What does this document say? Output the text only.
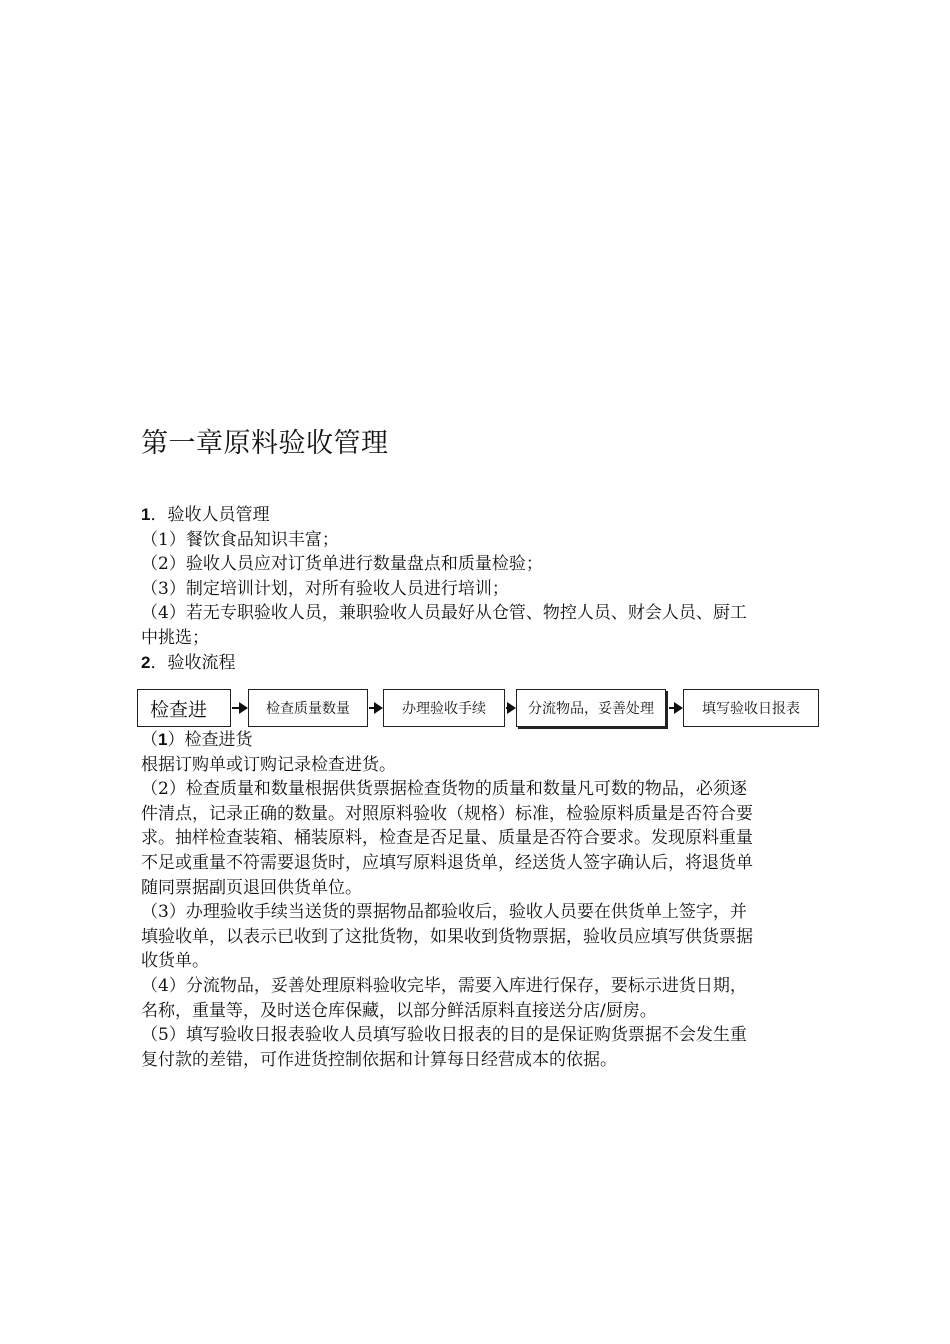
第一章原料验收管理
1．验收人员管理
（1）餐饮食品知识丰富；
（2）验收人员应对订货单进行数量盘点和质量检验；
（3）制定培训计划，对所有验收人员进行培训；
（4）若无专职验收人员，兼职验收人员最好从仓管、物控人员、财会人员、厨工
中挑选；
2．验收流程
检查进	检查质量数量	办理验收手续	分流物品，妥善处理	填写验收日报表
（1）检查进货
根据订购单或订购记录检查进货。
（2）检查质量和数量根据供货票据检查货物的质量和数量凡可数的物品，必须逐
件清点，记录正确的数量。对照原料验收（规格）标准，检验原料质量是否符合要
求。抽样检查装箱、桶装原料，检查是否足量、质量是否符合要求。发现原料重量
不足或重量不符需要退货时，应填写原料退货单，经送货人签字确认后，将退货单
随同票据副页退回供货单位。
（3）办理验收手续当送货的票据物品都验收后，验收人员要在供货单上签字，并
填验收单，以表示已收到了这批货物，如果收到货物票据，验收员应填写供货票据
收货单。
（4）分流物品，妥善处理原料验收完毕，需要入库进行保存，要标示进货日期，
名称，重量等，及时送仓库保藏，以部分鲜活原料直接送分店/厨房。
（5）填写验收日报表验收人员填写验收日报表的目的是保证购货票据不会发生重
复付款的差错，可作进货控制依据和计算每日经营成本的依据。
